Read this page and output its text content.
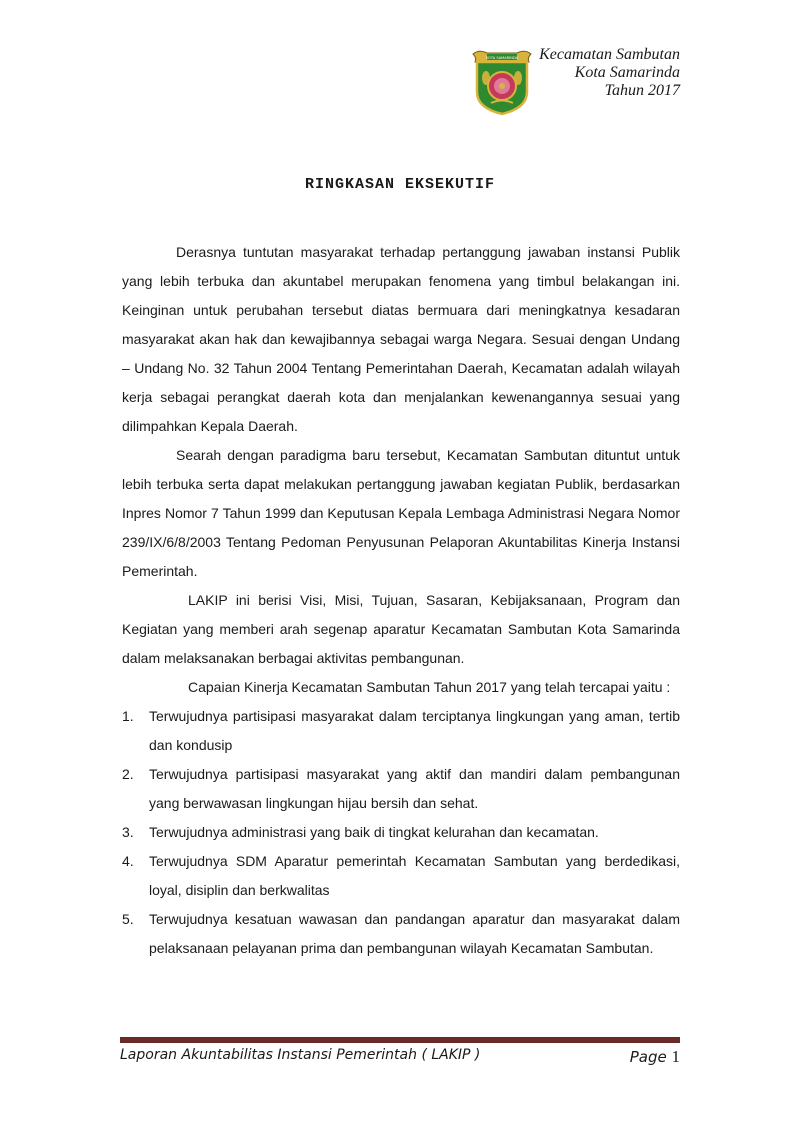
KOTA SAMARINDA Kecamatan Sambutan
Kota Samarinda
Tahun 2017
RINGKASAN EKSEKUTIF

Derasnya tuntutan masyarakat terhadap pertanggung jawaban instansi Publik yang lebih terbuka dan akuntabel merupakan fenomena yang timbul belakangan ini. Keinginan untuk perubahan tersebut diatas bermuara dari meningkatnya kesadaran masyarakat akan hak dan kewajibannya sebagai warga Negara. Sesuai dengan Undang – Undang No. 32 Tahun 2004 Tentang Pemerintahan Daerah, Kecamatan adalah wilayah kerja sebagai perangkat daerah kota dan menjalankan kewenangannya sesuai yang dilimpahkan Kepala Daerah.

Searah dengan paradigma baru tersebut, Kecamatan Sambutan dituntut untuk lebih terbuka serta dapat melakukan pertanggung jawaban kegiatan Publik, berdasarkan Inpres Nomor 7 Tahun 1999 dan Keputusan Kepala Lembaga Administrasi Negara Nomor 239/IX/6/8/2003 Tentang Pedoman Penyusunan Pelaporan Akuntabilitas Kinerja Instansi Pemerintah.

LAKIP ini berisi Visi, Misi, Tujuan, Sasaran, Kebijaksanaan, Program dan Kegiatan yang memberi arah segenap aparatur Kecamatan Sambutan Kota Samarinda dalam melaksanakan berbagai aktivitas pembangunan.

Capaian Kinerja Kecamatan Sambutan Tahun 2017 yang telah tercapai yaitu :

1. Terwujudnya partisipasi masyarakat dalam terciptanya lingkungan yang aman, tertib dan kondusip
2. Terwujudnya partisipasi masyarakat yang aktif dan mandiri dalam pembangunan yang berwawasan lingkungan hijau bersih dan sehat.
3. Terwujudnya administrasi yang baik di tingkat kelurahan dan kecamatan.
4. Terwujudnya SDM Aparatur pemerintah Kecamatan Sambutan yang berdedikasi, loyal, disiplin dan berkwalitas
5. Terwujudnya kesatuan wawasan dan pandangan aparatur dan masyarakat dalam pelaksanaan pelayanan prima dan pembangunan wilayah Kecamatan Sambutan.
Laporan Akuntabilitas Instansi Pemerintah ( LAKIP )	Page 1
